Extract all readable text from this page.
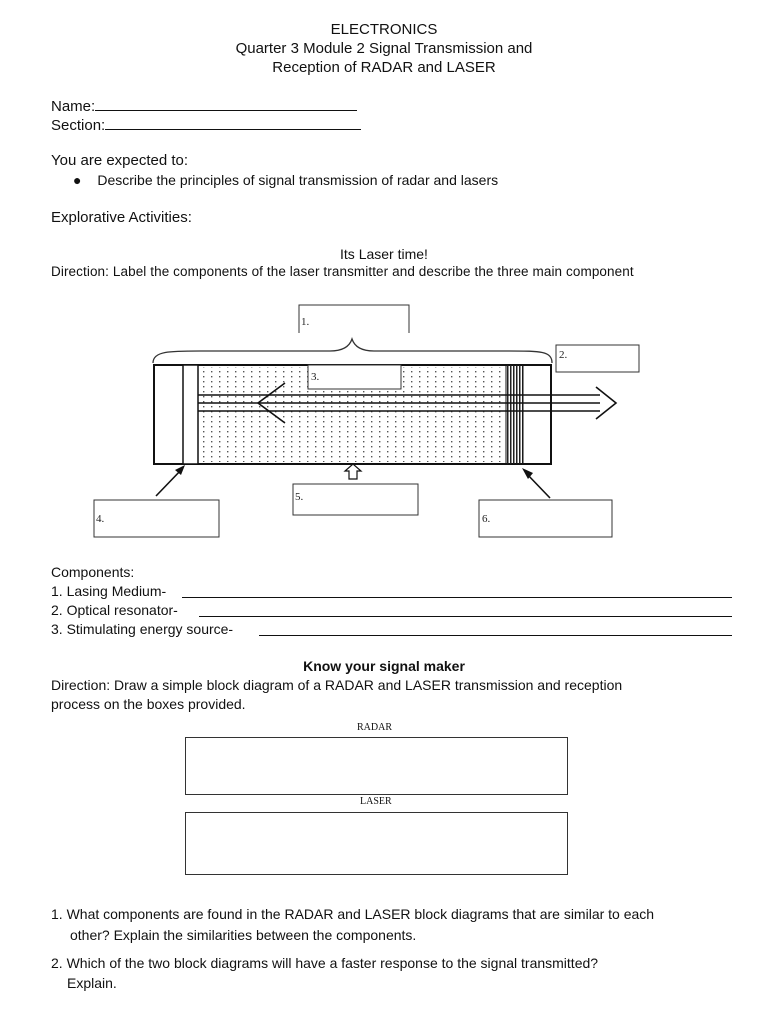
ELECTRONICS
Quarter 3 Module 2 Signal Transmission and
Reception of RADAR and LASER
Name:
Section:
You are expected to:
● Describe the principles of signal transmission of radar and lasers
Explorative Activities:
Its Laser time!
Direction: Label the components of the laser transmitter and describe the three main component
1.
2.
3.
4.
5.
6.
Components:
1. Lasing Medium-
2. Optical resonator-
3. Stimulating energy source-
Know your signal maker
Direction: Draw a simple block diagram of a RADAR and LASER transmission and reception
process on the boxes provided.
RADAR
LASER
1. What components are found in the RADAR and LASER block diagrams that are similar to each
other? Explain the similarities between the components.
2. Which of the two block diagrams will have a faster response to the signal transmitted?
Explain.
